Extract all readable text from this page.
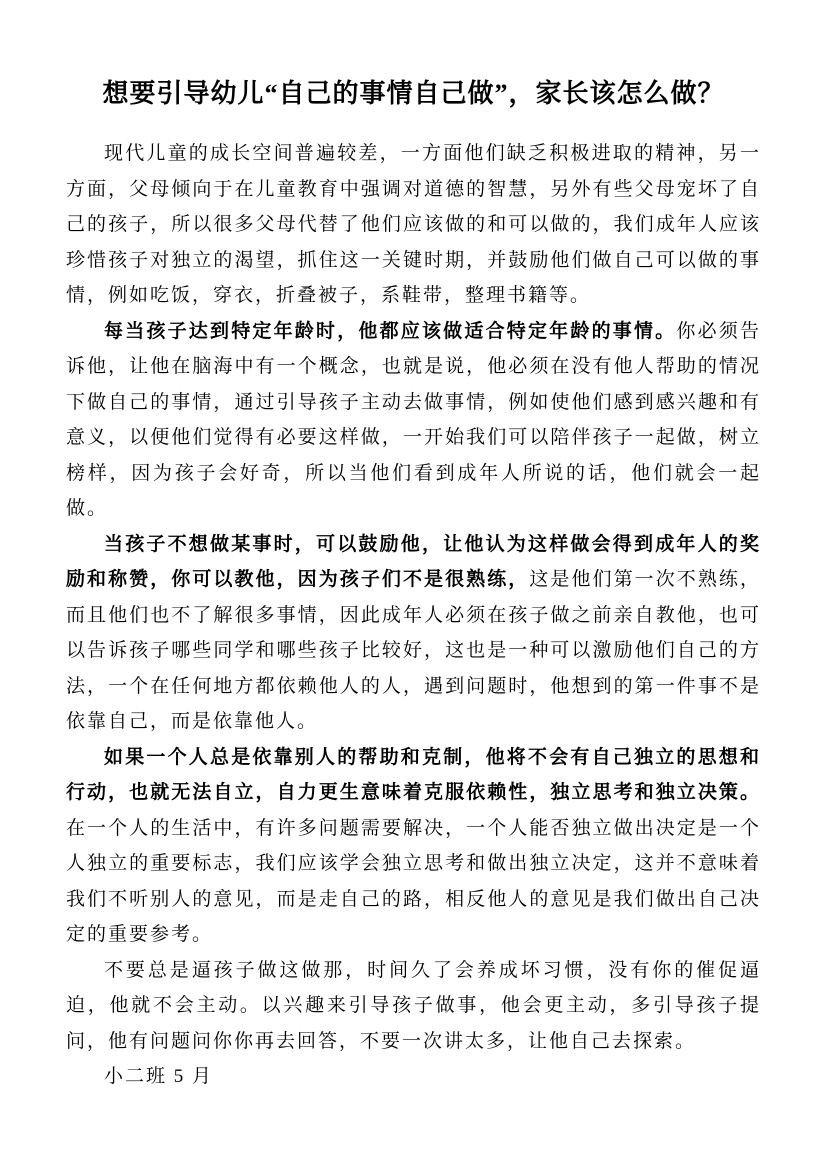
想要引导幼儿“自己的事情自己做”，家长该怎么做？

现代儿童的成长空间普遍较差，一方面他们缺乏积极进取的精神，另一方面，父母倾向于在儿童教育中强调对道德的智慧，另外有些父母宠坏了自己的孩子，所以很多父母代替了他们应该做的和可以做的，我们成年人应该珍惜孩子对独立的渴望，抓住这一关键时期，并鼓励他们做自己可以做的事情，例如吃饭，穿衣，折叠被子，系鞋带，整理书籍等。

每当孩子达到特定年龄时，他都应该做适合特定年龄的事情。你必须告诉他，让他在脑海中有一个概念，也就是说，他必须在没有他人帮助的情况下做自己的事情，通过引导孩子主动去做事情，例如使他们感到感兴趣和有意义，以便他们觉得有必要这样做，一开始我们可以陪伴孩子一起做，树立榜样，因为孩子会好奇，所以当他们看到成年人所说的话，他们就会一起做。

当孩子不想做某事时，可以鼓励他，让他认为这样做会得到成年人的奖励和称赞，你可以教他，因为孩子们不是很熟练，这是他们第一次不熟练，而且他们也不了解很多事情，因此成年人必须在孩子做之前亲自教他，也可以告诉孩子哪些同学和哪些孩子比较好，这也是一种可以激励他们自己的方法，一个在任何地方都依赖他人的人，遇到问题时，他想到的第一件事不是依靠自己，而是依靠他人。

如果一个人总是依靠别人的帮助和克制，他将不会有自己独立的思想和行动，也就无法自立，自力更生意味着克服依赖性，独立思考和独立决策。在一个人的生活中，有许多问题需要解决，一个人能否独立做出决定是一个人独立的重要标志，我们应该学会独立思考和做出独立决定，这并不意味着我们不听别人的意见，而是走自己的路，相反他人的意见是我们做出自己决定的重要参考。

不要总是逼孩子做这做那，时间久了会养成坏习惯，没有你的催促逼迫，他就不会主动。以兴趣来引导孩子做事，他会更主动，多引导孩子提问，他有问题问你你再去回答，不要一次讲太多，让他自己去探索。

小二班 5 月
